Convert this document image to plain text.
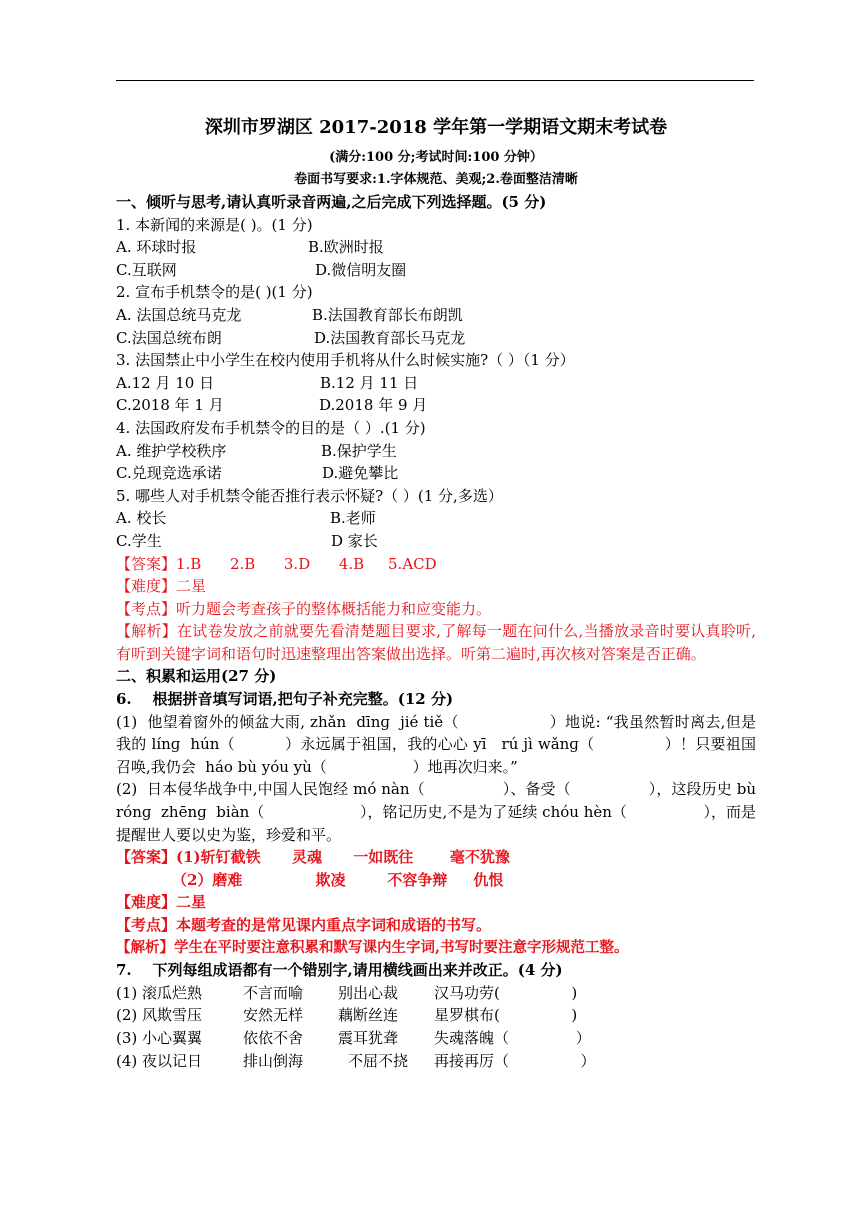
深圳市罗湖区 2017-2018 学年第一学期语文期末考试卷
(满分:100 分;考试时间:100 分钟）
卷面书写要求:1.字体规范、美观;2.卷面整洁清晰
一、倾听与思考,请认真听录音两遍,之后完成下列选择题。(5 分)
1. 本新闻的来源是( )。(1 分)
A. 环球时报	B.欧洲时报
C.互联网	D.微信明友圈
2. 宣布手机禁令的是( )(1 分)
A. 法国总统马克龙	B.法国教育部长布朗凯
C.法国总统布朗	D.法国教育部长马克龙
3. 法国禁止中小学生在校内使用手机将从什么时候实施?（ ）（1 分）
A.12 月 10 日	B.12 月 11 日
C.2018 年 1 月	D.2018 年 9 月
4. 法国政府发布手机禁令的目的是（ ）.(1 分)
A. 维护学校秩序	B.保护学生
C.兑现竞选承诺	D.避免攀比
5. 哪些人对手机禁令能否推行表示怀疑?（ ）(1 分,多选）
A. 校长	B.老师
C.学生	D 家长
【答案】1.B      2.B      3.D      4.B     5.ACD
【难度】二星
【考点】听力题会考查孩子的整体概括能力和应变能力。
【解析】在试卷发放之前就要先看清楚题目要求,了解每一题在问什么,当播放录音时要认真聆听,有听到关键字词和语句时迅速整理出答案做出选择。听第二遍时,再次核对答案是否正确。
二、积累和运用(27 分)
6.    根据拼音填写词语,把句子补充完整。(12 分)
(1)  他望着窗外的倾盆大雨, zhǎn  dīnɡ  jié tiě（                  ）地说: “我虽然暂时离去,但是我的 línɡ  hún（          ）永远属于祖国，我的心心 yī   rú jì wǎnɡ（              ）！只要祖国召唤,我仍会  háo bù yóu yù（                  ）地再次归来。”
(2)  日本侵华战争中,中国人民饱经 mó nàn（                ）、备受（                ），这段历史 bù rónɡ  zhēnɡ  biàn（                    ），铭记历史,不是为了延续 chóu hèn（                ），而是提醒世人要以史为鉴，珍爱和平。
【答案】(1)斩钉截铁      灵魂      一如既往       毫不犹豫
（2）磨难              欺凌        不容争辩     仇恨
【难度】二星
【考点】本题考查的是常见课内重点字词和成语的书写。
【解析】学生在平时要注意积累和默写课内生字词,书写时要注意字形规范工整。
7.    下列每组成语都有一个错别字,请用横线画出来并改正。(4 分)
(1) 滚瓜烂熟	不言而喻	别出心裁	汉马功劳(               )
(2) 风欺雪压	安然无样	藕断丝连	星罗棋布(               )
(3) 小心翼翼	依依不舍	震耳犹聋	失魂落魄（              ）
(4) 夜以记日	排山倒海	不屈不挠	再接再厉（               ）
